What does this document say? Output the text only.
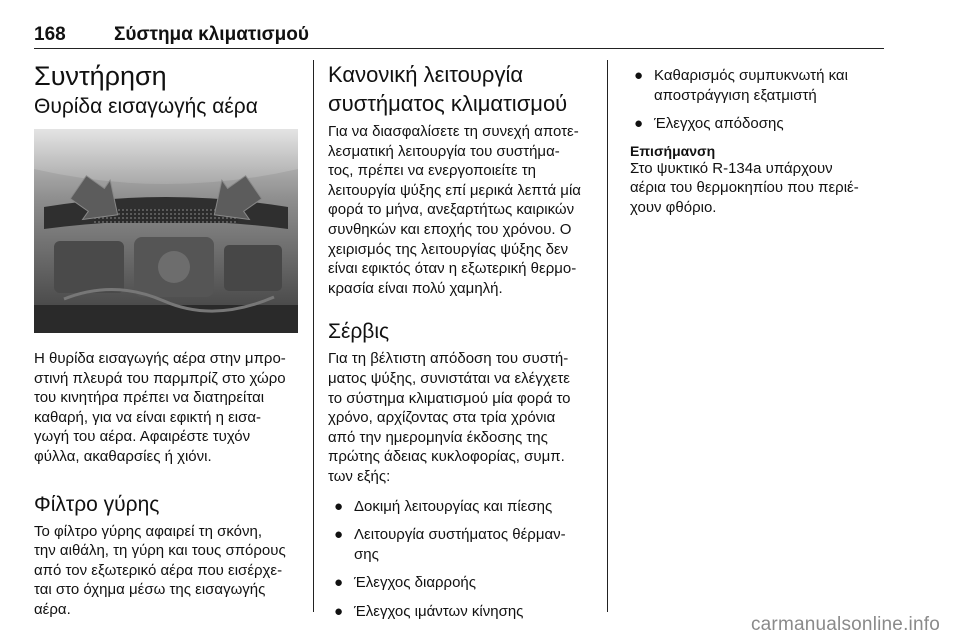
168	Σύστημα κλιματισμού
Συντήρηση
Θυρίδα εισαγωγής αέρα

Η θυρίδα εισαγωγής αέρα στην μπρο-
στινή πλευρά του παρμπρίζ στο χώρο
του κινητήρα πρέπει να διατηρείται
καθαρή, για να είναι εφικτή η εισα-
γωγή του αέρα. Αφαιρέστε τυχόν
φύλλα, ακαθαρσίες ή χιόνι.

Φίλτρο γύρης

Το φίλτρο γύρης αφαιρεί τη σκόνη,
την αιθάλη, τη γύρη και τους σπόρους
από τον εξωτερικό αέρα που εισέρχε-
ται στο όχημα μέσω της εισαγωγής
αέρα.

Κανονική λειτουργία
συστήματος κλιματισμού

Για να διασφαλίσετε τη συνεχή αποτε-
λεσματική λειτουργία του συστήμα-
τος, πρέπει να ενεργοποιείτε τη
λειτουργία ψύξης επί μερικά λεπτά μία
φορά το μήνα, ανεξαρτήτως καιρικών
συνθηκών και εποχής του χρόνου. Ο
χειρισμός της λειτουργίας ψύξης δεν
είναι εφικτός όταν η εξωτερική θερμο-
κρασία είναι πολύ χαμηλή.

Σέρβις

Για τη βέλτιστη απόδοση του συστή-
ματος ψύξης, συνιστάται να ελέγχετε
το σύστημα κλιματισμού μία φορά το
χρόνο, αρχίζοντας στα τρία χρόνια
από την ημερομηνία έκδοσης της
πρώτης άδειας κυκλοφορίας, συμπ.
των εξής:

● Δοκιμή λειτουργίας και πίεσης
● Λειτουργία συστήματος θέρμαν-
σης
● Έλεγχος διαρροής
● Έλεγχος ιμάντων κίνησης
● Καθαρισμός συμπυκνωτή και
αποστράγγιση εξατμιστή
● Έλεγχος απόδοσης
Επισήμανση

Στο ψυκτικό R-134a υπάρχουν
αέρια του θερμοκηπίου που περιέ-
χουν φθόριο.

carmanualsonline.info
